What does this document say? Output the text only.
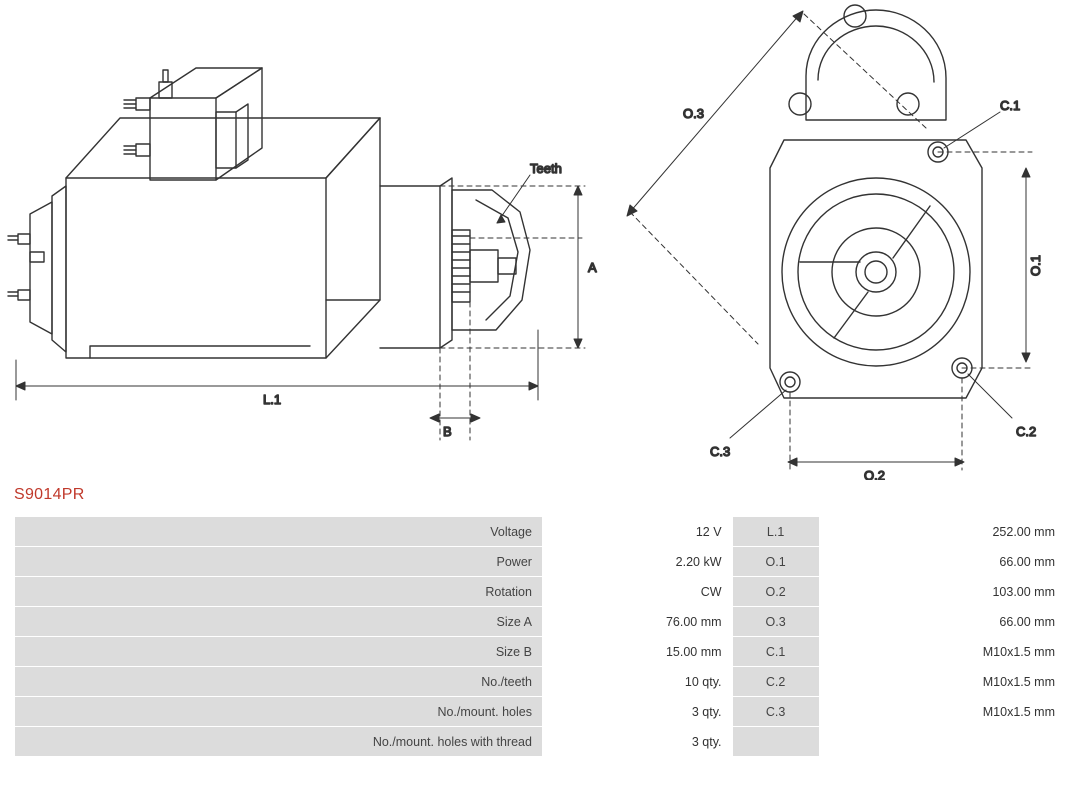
Teeth
A
L.1
B
O.3
O.1
O.2
C.1
C.2
C.3
S9014PR
Voltage	12 V	L.1	252.00 mm
Power	2.20 kW	O.1	66.00 mm
Rotation	CW	O.2	103.00 mm
Size A	76.00 mm	O.3	66.00 mm
Size B	15.00 mm	C.1	M10x1.5 mm
No./teeth	10 qty.	C.2	M10x1.5 mm
No./mount. holes	3 qty.	C.3	M10x1.5 mm
No./mount. holes with thread	3 qty.		
